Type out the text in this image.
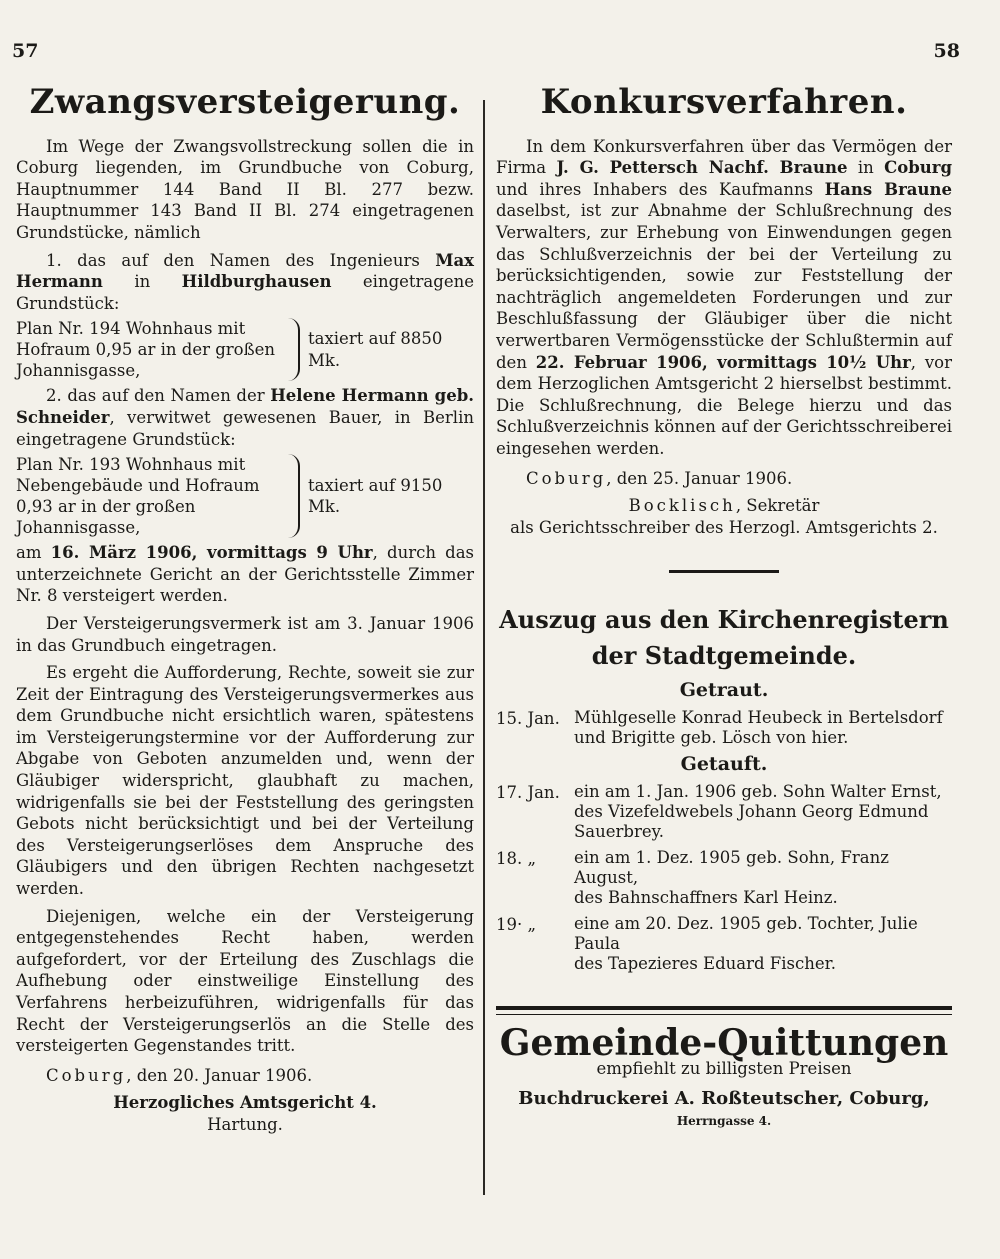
57	58
Zwangsversteigerung.

Im Wege der Zwangsvollstreckung sollen die in Coburg liegenden, im Grundbuche von Coburg, Hauptnummer 144 Band II Bl. 277 bezw. Hauptnummer 143 Band II Bl. 274 eingetragenen Grundstücke, nämlich

1. das auf den Namen des Ingenieurs Max Hermann in Hildburghausen eingetragene Grundstück:

Plan Nr. 194 Wohnhaus mit Hofraum 0,95 ar in der großen Johannisgasse,
taxiert auf 8850 Mk.

2. das auf den Namen der Helene Hermann geb. Schneider, verwitwet gewesenen Bauer, in Berlin eingetragene Grundstück:

Plan Nr. 193 Wohnhaus mit Nebengebäude und Hofraum 0,93 ar in der großen Johannisgasse,
taxiert auf 9150 Mk.

am 16. März 1906, vormittags 9 Uhr, durch das unterzeichnete Gericht an der Gerichtsstelle Zimmer Nr. 8 versteigert werden.

Der Versteigerungsvermerk ist am 3. Januar 1906 in das Grundbuch eingetragen.

Es ergeht die Aufforderung, Rechte, soweit sie zur Zeit der Eintragung des Versteigerungsvermerkes aus dem Grundbuche nicht ersichtlich waren, spätestens im Versteigerungstermine vor der Aufforderung zur Abgabe von Geboten anzumelden und, wenn der Gläubiger widerspricht, glaubhaft zu machen, widrigenfalls sie bei der Feststellung des geringsten Gebots nicht berücksichtigt und bei der Verteilung des Versteigerungserlöses dem Anspruche des Gläubigers und den übrigen Rechten nachgesetzt werden.

Diejenigen, welche ein der Versteigerung entgegenstehendes Recht haben, werden aufgefordert, vor der Erteilung des Zuschlags die Aufhebung oder einstweilige Einstellung des Verfahrens herbeizuführen, widrigenfalls für das Recht der Versteigerungserlös an die Stelle des versteigerten Gegenstandes tritt.

Coburg, den 20. Januar 1906.

Herzogliches Amtsgericht 4.

Hartung.

Konkursverfahren.

In dem Konkursverfahren über das Vermögen der Firma J. G. Pettersch Nachf. Braune in Coburg und ihres Inhabers des Kaufmanns Hans Braune daselbst, ist zur Abnahme der Schlußrechnung des Verwalters, zur Erhebung von Einwendungen gegen das Schlußverzeichnis der bei der Verteilung zu berücksichtigenden, sowie zur Feststellung der nachträglich angemeldeten Forderungen und zur Beschlußfassung der Gläubiger über die nicht verwertbaren Vermögensstücke der Schlußtermin auf den 22. Februar 1906, vormittags 10½ Uhr, vor dem Herzoglichen Amtsgericht 2 hierselbst bestimmt. Die Schlußrechnung, die Belege hierzu und das Schlußverzeichnis können auf der Gerichtsschreiberei eingesehen werden.

Coburg, den 25. Januar 1906.

Bocklisch, Sekretär

als Gerichtsschreiber des Herzogl. Amtsgerichts 2.

Auszug aus den Kirchenregistern
der Stadtgemeinde.
Getraut.
15. Jan. Mühlgeselle Konrad Heubeck in Bertelsdorf
und Brigitte geb. Lösch von hier.
Getauft.
17. Jan. ein am 1. Jan. 1906 geb. Sohn Walter Ernst,
des Vizefeldwebels Johann Georg Edmund
Sauerbrey.
18. „	ein am 1. Dez. 1905 geb. Sohn, Franz August,
des Bahnschaffners Karl Heinz.
19· „	eine am 20. Dez. 1905 geb. Tochter, Julie Paula
des Tapezieres Eduard Fischer.
Gemeinde-Quittungen
empfiehlt zu billigsten Preisen
Buchdruckerei A. Roßteutscher, Coburg, Herrngasse 4.
